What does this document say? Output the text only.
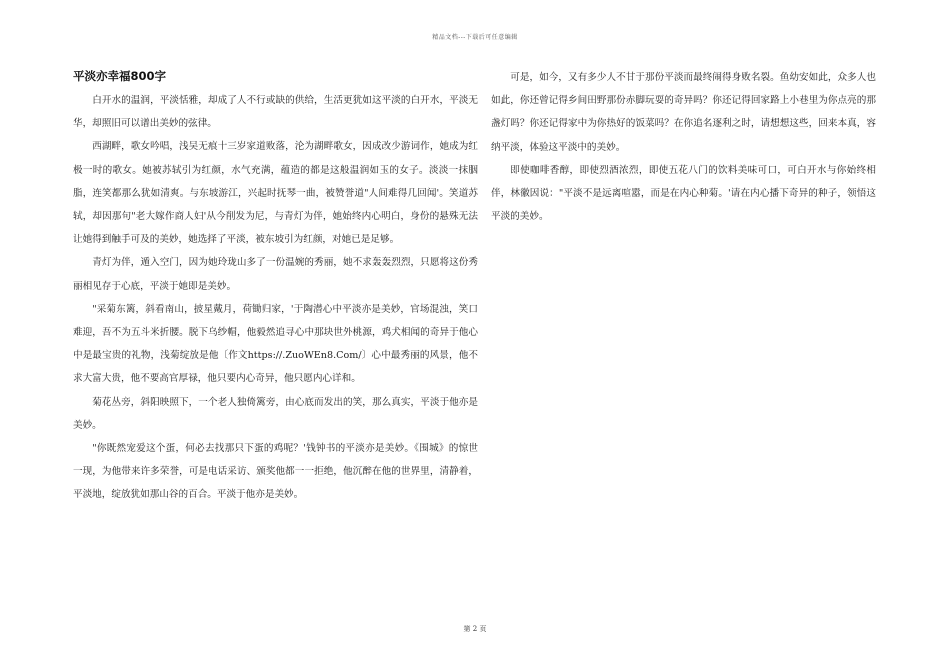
精品文档---下载后可任意编辑
平淡亦幸福800字

白开水的温润，平淡恬雅，却成了人不行或缺的供给，生活更犹如这平淡的白开水，平淡无华，却照旧可以谱出美妙的弦律。

西湖畔，歌女吟唱，浅吴无痕十三岁家道败落，沦为湖畔歌女，因成改少游词作，她成为红极一时的歌女。她被苏轼引为红颜，水气充满，蕴造的都是这般温润如玉的女子。淡淡一抹胭脂，连笑都那么犹如清爽。与东坡游江，兴起时抚琴一曲，被赞誉道"人间难得几回闻'。笑道苏轼，却因那句"老大嫁作商人妇'从今削发为尼，与青灯为伴，她始终内心明白，身份的悬殊无法让她得到触手可及的美妙，她选择了平淡，被东坡引为红颜，对她已是足够。

青灯为伴，遁入空门，因为她玲珑山多了一份温婉的秀丽，她不求轰轰烈烈，只愿将这份秀丽相见存于心底，平淡于她即是美妙。

"采菊东篱，斜看南山，披星戴月，荷锄归家，'于陶潜心中平淡亦是美妙，官场混浊，笑口难迎，吾不为五斗米折腰。脱下乌纱帽，他毅然追寻心中那块世外桃源，鸡犬相闻的奇异于他心中是最宝贵的礼物，浅菊绽放是他〔作文https://.ZuoWEn8.Com/〕心中最秀丽的风景，他不求大富大贵，他不要高官厚禄，他只要内心奇异，他只愿内心详和。

菊花丛旁，斜阳映照下，一个老人独倚篱旁，由心底而发出的笑，那么真实，平淡于他亦是美妙。

"你既然宠爱这个蛋，何必去找那只下蛋的鸡呢？'钱钟书的平淡亦是美妙。《围城》的惊世一现，为他带来许多荣誉，可是电话采访、颁奖他都一一拒绝，他沉醉在他的世界里，清静着，平淡地，绽放犹如那山谷的百合。平淡于他亦是美妙。

可是，如今，又有多少人不甘于那份平淡而最终闹得身败名裂。鱼幼安如此，众多人也如此，你还曾记得乡间田野那份赤脚玩耍的奇异吗？你还记得回家路上小巷里为你点亮的那盏灯吗？你还记得家中为你热好的饭菜吗？在你追名逐利之时，请想想这些，回来本真，容纳平淡，体验这平淡中的美妙。

即使咖啡香醇，即使烈酒浓烈，即使五花八门的饮料美味可口，可白开水与你始终相伴，林徽因说："平淡不是远离喧嚣，而是在内心种菊。'请在内心播下奇异的种子，领悟这平淡的美妙。

第 2 页
